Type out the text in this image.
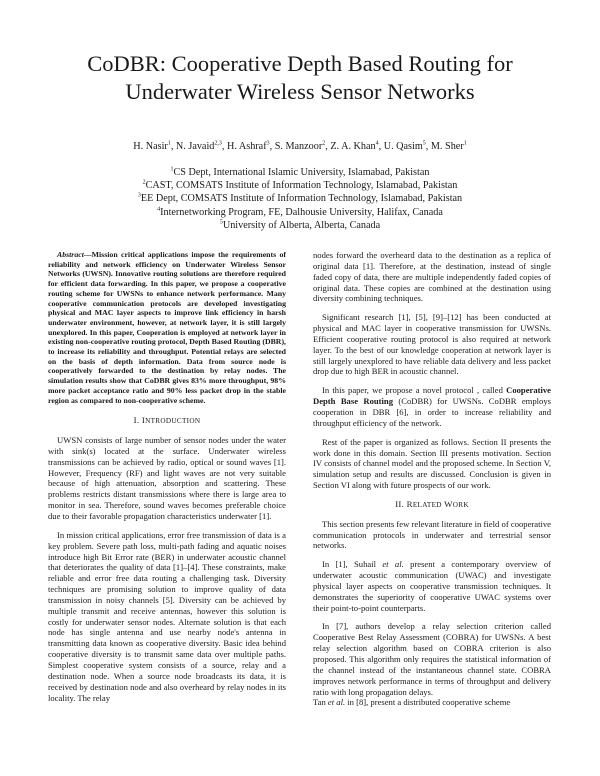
CoDBR: Cooperative Depth Based Routing for
Underwater Wireless Sensor Networks
H. Nasir$^1$, N. Javaid$^{2,3}$, H. Ashraf$^3$, S. Manzoor$^2$, Z. A. Khan$^4$, U. Qasim$^5$, M. Sher$^1$
$^1$CS Dept, International Islamic University, Islamabad, Pakistan
$^2$CAST, COMSATS Institute of Information Technology, Islamabad, Pakistan
$^3$EE Dept, COMSATS Institute of Information Technology, Islamabad, Pakistan
$^4$Internetworking Program, FE, Dalhousie University, Halifax, Canada
$^5$University of Alberta, Alberta, Canada
Abstract—Mission critical applications impose the requirements of reliability and network efficiency on Underwater Wireless Sensor Networks (UWSN). Innovative routing solutions are therefore required for efficient data forwarding. In this paper, we propose a cooperative routing scheme for UWSNs to enhance network performance. Many cooperative communication protocols are developed investigating physical and MAC layer aspects to improve link efficiency in harsh underwater environment, however, at network layer, it is still largely unexplored. In this paper, Cooperation is employed at network layer in existing non-cooperative routing protocol, Depth Based Routing (DBR), to increase its reliability and throughput. Potential relays are selected on the basis of depth information. Data from source node is cooperatively forwarded to the destination by relay nodes. The simulation results show that CoDBR gives 83% more throughput, 98% more packet acceptance ratio and 90% less packet drop in the stable region as compared to non-cooperative scheme.
I. INTRODUCTION

UWSN consists of large number of sensor nodes under the water with sink(s) located at the surface. Underwater wireless transmissions can be achieved by radio, optical or sound waves [1]. However, Frequency (RF) and light waves are not very suitable because of high attenuation, absorption and scattering. These problems restricts distant transmissions where there is large area to monitor in sea. Therefore, sound waves becomes preferable choice due to their favorable propagation characteristics underwater [1].

In mission critical applications, error free transmission of data is a key problem. Severe path loss, multi-path fading and aquatic noises introduce high Bit Error rate (BER) in underwater acoustic channel that deteriorates the quality of data [1]–[4]. These constraints, make reliable and error free data routing a challenging task. Diversity techniques are promising solution to improve quality of data transmission in noisy channels [5]. Diversity can be achieved by multiple transmit and receive antennas, however this solution is costly for underwater sensor nodes. Alternate solution is that each node has single antenna and use nearby node's antenna in transmitting data known as cooperative diversity. Basic idea behind cooperative diversity is to transmit same data over multiple paths. Simplest cooperative system consists of a source, relay and a destination node. When a source node broadcasts its data, it is received by destination node and also overheard by relay nodes in its locality. The relay

nodes forward the overheard data to the destination as a replica of original data [1]. Therefore, at the destination, instead of single faded copy of data, there are multiple independently faded copies of original data. These copies are combined at the destination using diversity combining techniques.

Significant research [1], [5], [9]–[12] has been conducted at physical and MAC layer in cooperative transmission for UWSNs. Efficient cooperative routing protocol is also required at network layer. To the best of our knowledge cooperation at network layer is still largely unexplored to have reliable data delivery and less packet drop due to high BER in acoustic channel.

In this paper, we propose a novel protocol , called Cooperative Depth Base Routing (CoDBR) for UWSNs. CoDBR employs cooperation in DBR [6], in order to increase reliability and throughput efficiency of the network.

Rest of the paper is organized as follows. Section II presents the work done in this domain. Section III presents motivation. Section IV consists of channel model and the proposed scheme. In Section V, simulation setup and results are discussed. Conclusion is given in Section VI along with future prospects of our work.

II. RELATED WORK

This section presents few relevant literature in field of cooperative communication protocols in underwater and terrestrial sensor networks.

In [1], Suhail et al. present a contemporary overview of underwater acoustic communication (UWAC) and investigate physical layer aspects on cooperative transmission techniques. It demonstrates the superiority of cooperative UWAC systems over their point-to-point counterparts.

In [7], authors develop a relay selection criterion called Cooperative Best Relay Assessment (COBRA) for UWSNs. A best relay selection algorithm based on COBRA criterion is also proposed. This algorithm only requires the statistical information of the channel instead of the instantaneous channel state. COBRA improves network performance in terms of throughput and delivery ratio with long propagation delays.

Tan et al. in [8], present a distributed cooperative scheme
